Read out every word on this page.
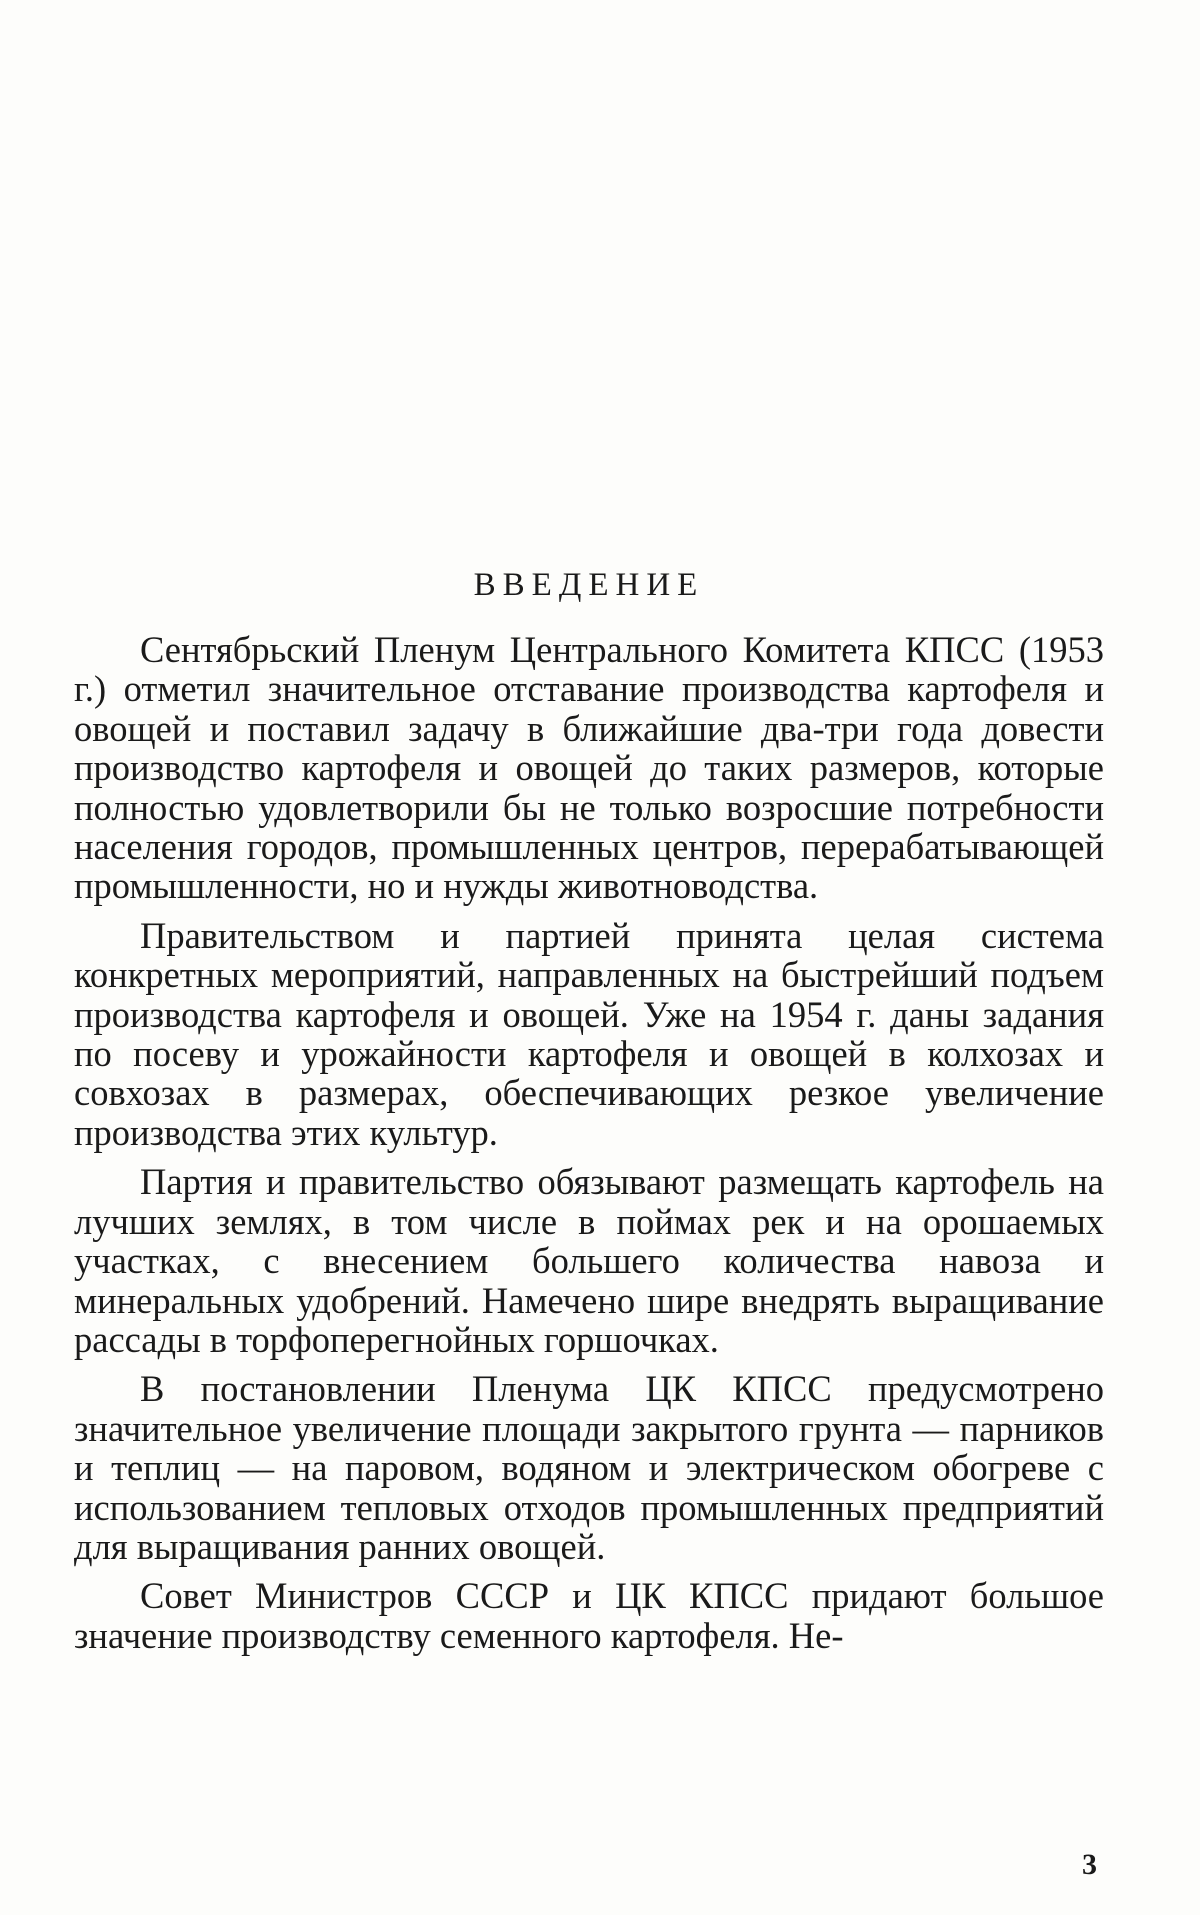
ВВЕДЕНИЕ

Сентябрьский Пленум Центрального Комитета КПСС (1953 г.) отметил значительное отставание производства картофеля и овощей и поставил задачу в ближайшие два-три года довести производство картофеля и овощей до таких размеров, которые полностью удовлетворили бы не только возросшие потребности населения городов, промышленных центров, перерабатывающей промышленности, но и нужды животноводства.

Правительством и партией принята целая система конкретных мероприятий, направленных на быстрейший подъем производства картофеля и овощей. Уже на 1954 г. даны задания по посеву и урожайности картофеля и овощей в колхозах и совхозах в размерах, обеспечивающих резкое увеличение производства этих культур.

Партия и правительство обязывают размещать картофель на лучших землях, в том числе в поймах рек и на орошаемых участках, с внесением большего количества навоза и минеральных удобрений. Намечено шире внедрять выращивание рассады в торфоперегнойных горшочках.

В постановлении Пленума ЦК КПСС предусмотрено значительное увеличение площади закрытого грунта — парников и теплиц — на паровом, водяном и электрическом обогреве с использованием тепловых отходов промышленных предприятий для выращивания ранних овощей.

Совет Министров СССР и ЦК КПСС придают большое значение производству семенного картофеля. Не-

3
